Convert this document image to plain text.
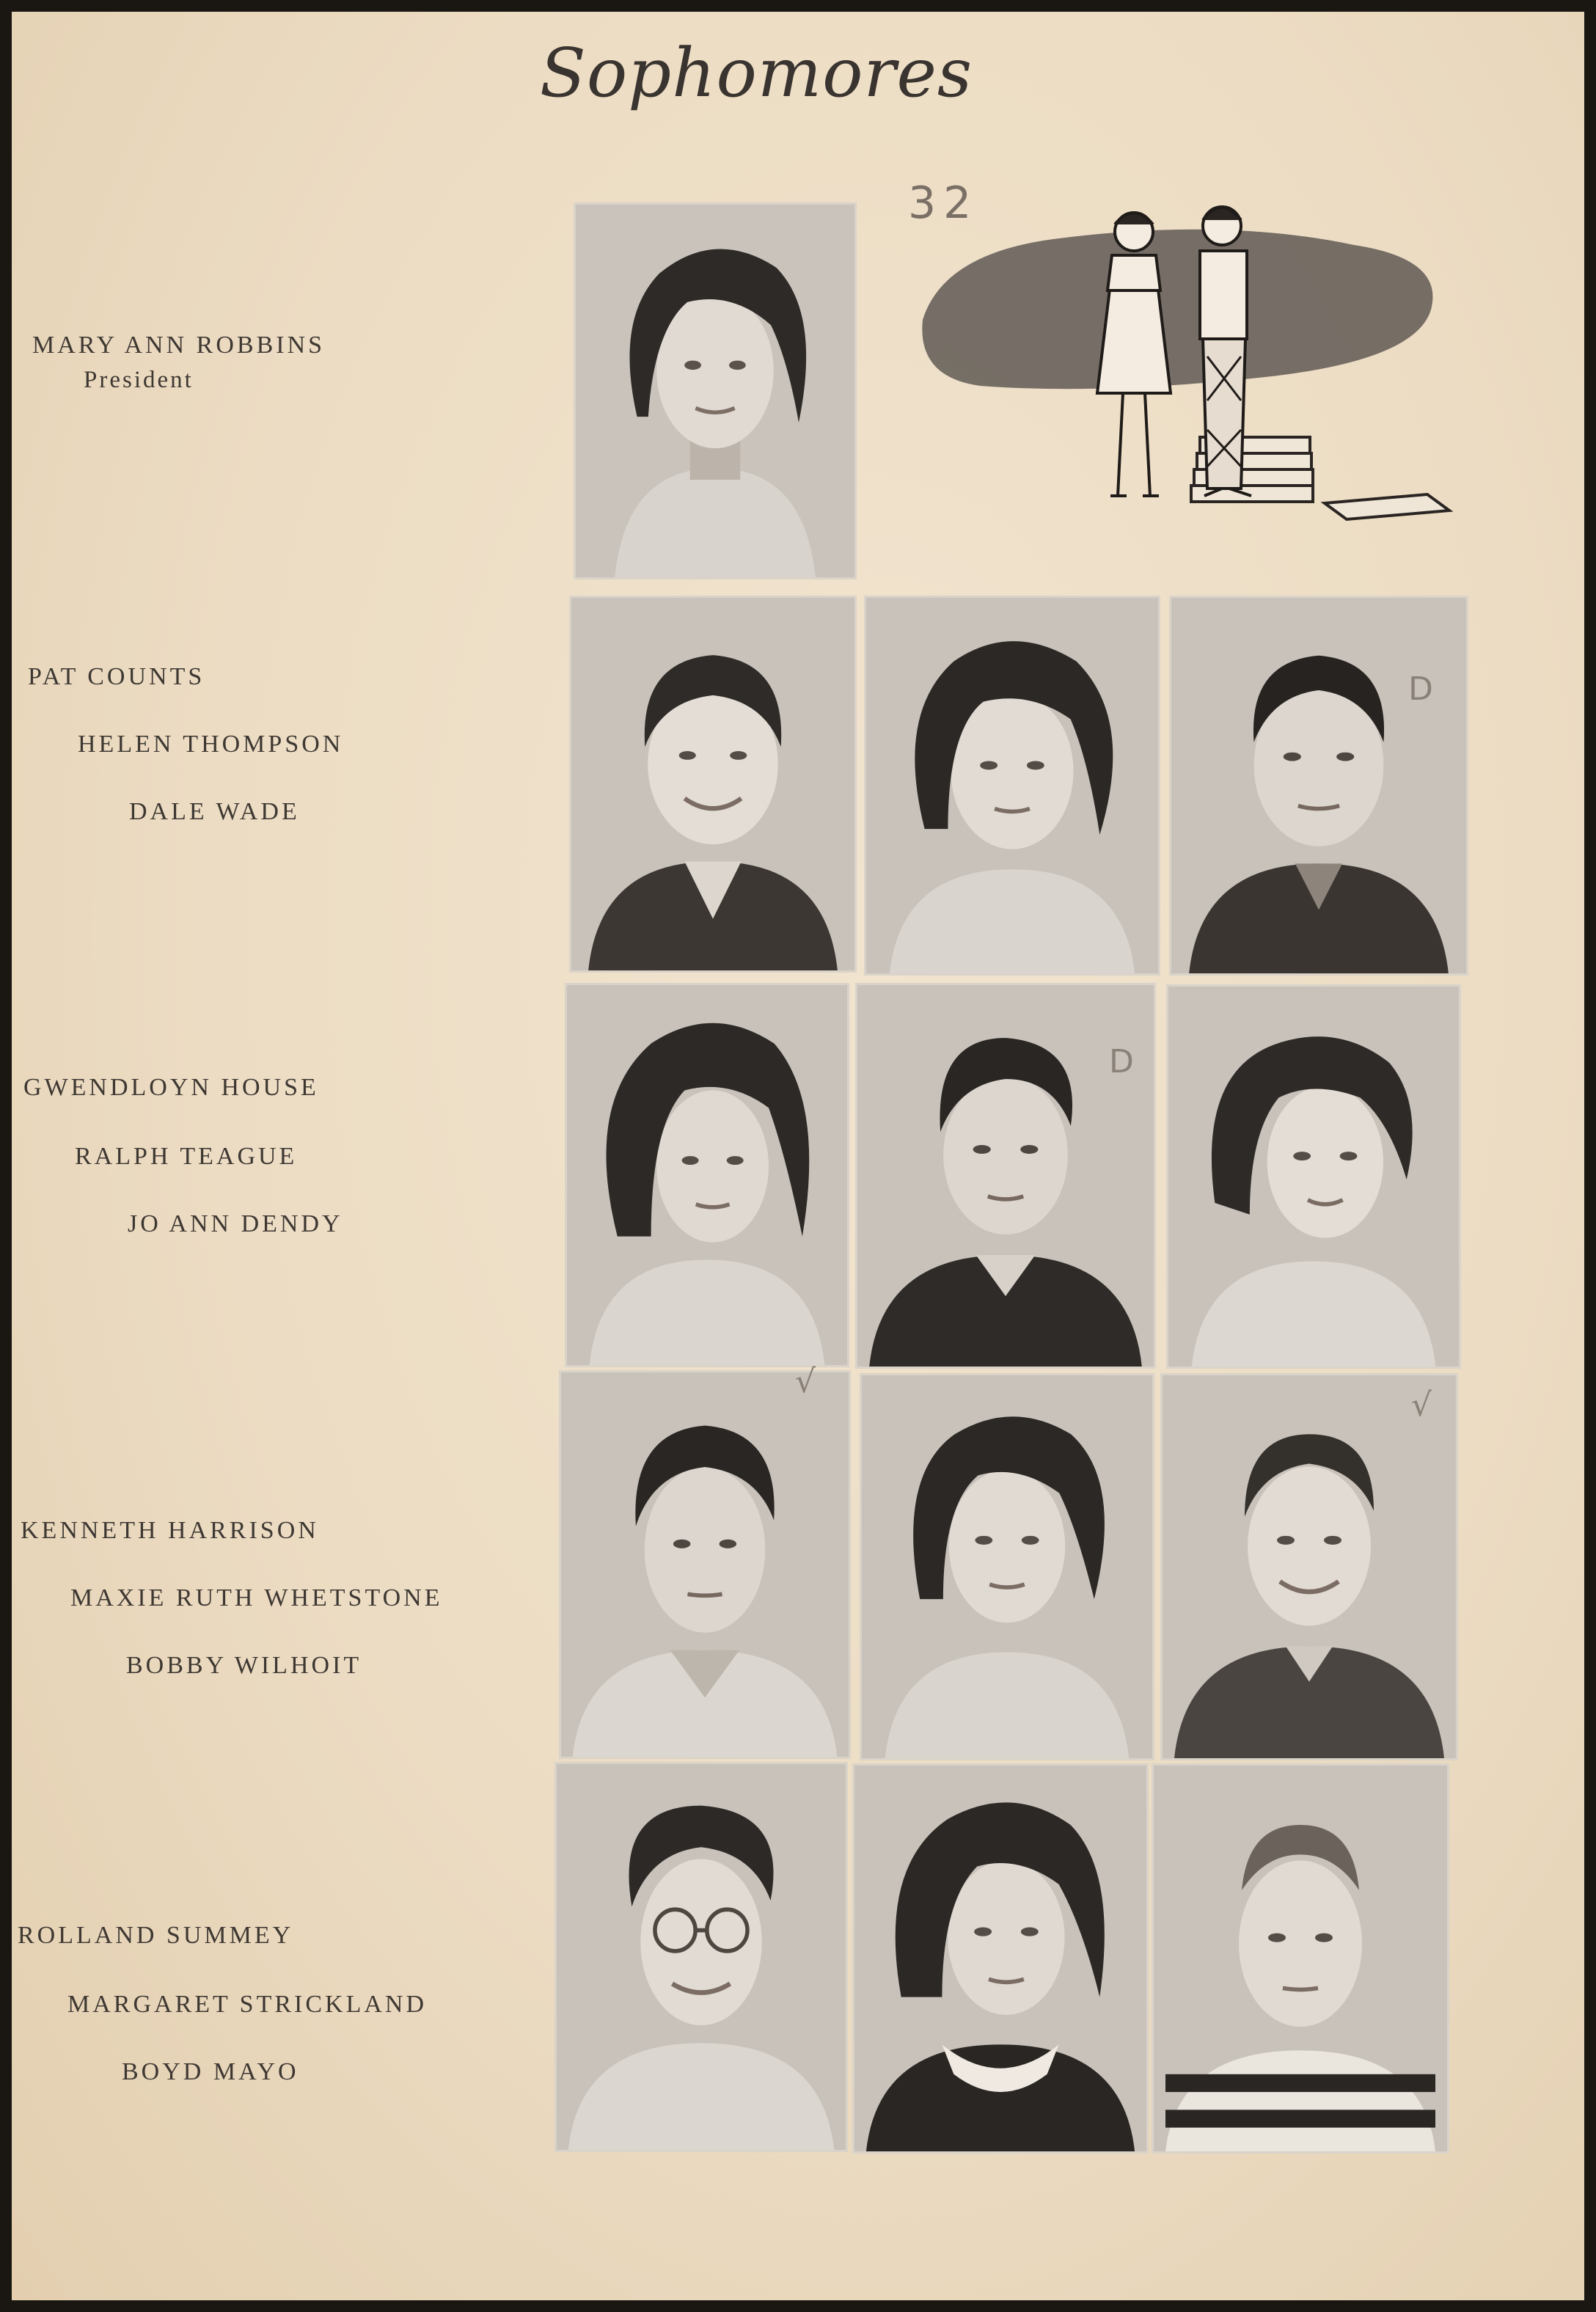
Sophomores
32
MARY ANN ROBBINS
President
PAT COUNTS
HELEN THOMPSON
DALE WADE
GWENDLOYN HOUSE
RALPH TEAGUE
JO ANN DENDY
KENNETH HARRISON
MAXIE RUTH WHETSTONE
BOBBY WILHOIT
ROLLAND SUMMEY
MARGARET STRICKLAND
BOYD MAYO
D
D
√
√
